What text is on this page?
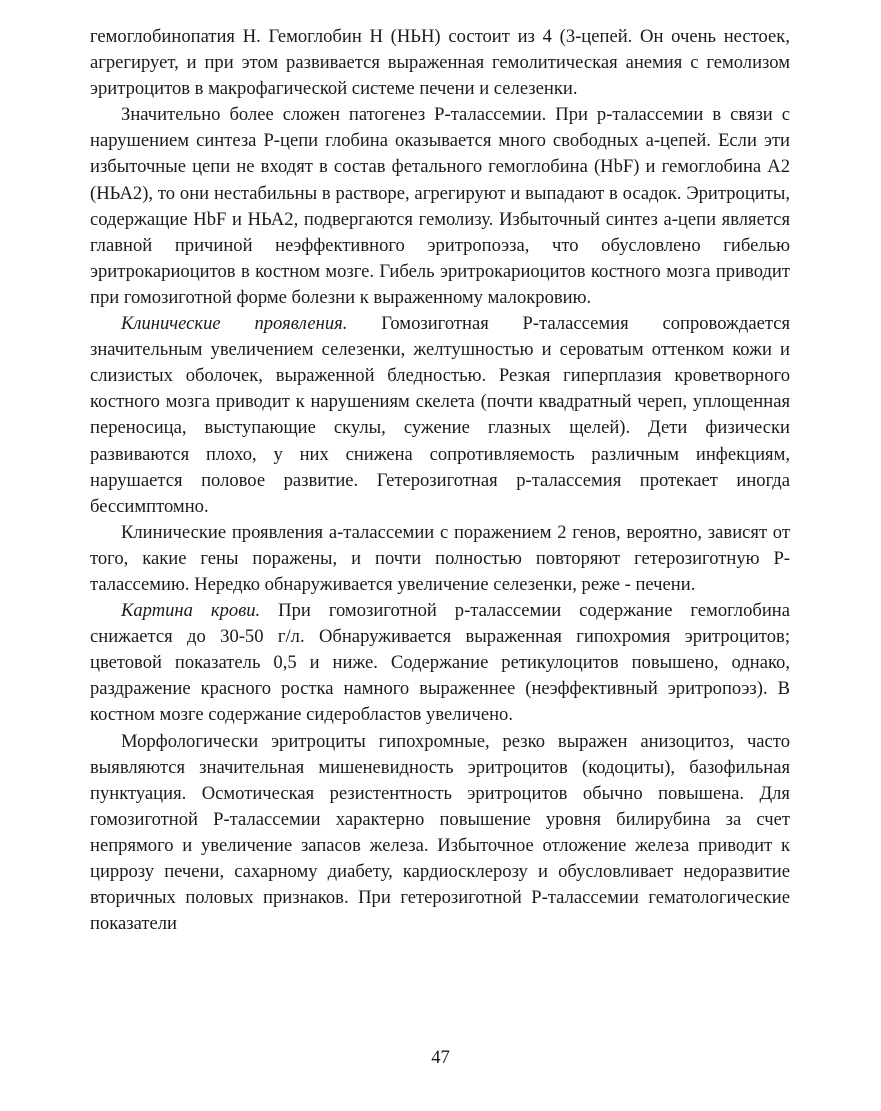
гемоглобинопатия Н. Гемоглобин Н (НЬН) состоит из 4 (3-цепей. Он очень нестоек, агрегирует, и при этом развивается выраженная гемолитическая анемия с гемолизом эритроцитов в макрофагической системе печени и селезенки.

Значительно более сложен патогенез Р-талассемии. При р-талассемии в связи с нарушением синтеза Р-цепи глобина оказывается много свободных а-цепей. Если эти избыточные цепи не входят в состав фетального гемоглобина (HbF) и гемоглобина А2 (НЬА2), то они нестабильны в растворе, агрегируют и выпадают в осадок. Эритроциты, содержащие HbF и НЬА2, подвергаются гемолизу. Избыточный синтез а-цепи является главной причиной неэффективного эритропоэза, что обусловлено гибелью эритрокариоцитов в костном мозге. Гибель эритрокариоцитов костного мозга приводит при гомозиготной форме болезни к выраженному малокровию.

Клинические проявления. Гомозиготная Р-талассемия сопровождается значительным увеличением селезенки, желтушностью и сероватым оттенком кожи и слизистых оболочек, выраженной бледностью. Резкая гиперплазия кроветворного костного мозга приводит к нарушениям скелета (почти квадратный череп, уплощенная переносица, выступающие скулы, сужение глазных щелей). Дети физически развиваются плохо, у них снижена сопротивляемость различным инфекциям, нарушается половое развитие. Гетерозиготная р-талассемия протекает иногда бессимптомно.

Клинические проявления а-талассемии с поражением 2 генов, вероятно, зависят от того, какие гены поражены, и почти полностью повторяют гетерозиготную Р-талассемию. Нередко обнаруживается увеличение селезенки, реже - печени.

Картина крови. При гомозиготной р-талассемии содержание гемоглобина снижается до 30-50 г/л. Обнаруживается выраженная гипохромия эритроцитов; цветовой показатель 0,5 и ниже. Содержание ретикулоцитов повышено, однако, раздражение красного ростка намного выраженнее (неэффективный эритропоэз). В костном мозге содержание сидеробластов увеличено.

Морфологически эритроциты гипохромные, резко выражен анизоцитоз, часто выявляются значительная мишеневидность эритроцитов (кодоциты), базофильная пунктуация. Осмотическая резистентность эритроцитов обычно повышена. Для гомозиготной Р-талассемии характерно повышение уровня билирубина за счет непрямого и увеличение запасов железа. Избыточное отложение железа приводит к циррозу печени, сахарному диабету, кардиосклерозу и обусловливает недоразвитие вторичных половых признаков. При гетерозиготной Р-талассемии гематологические показатели

47
